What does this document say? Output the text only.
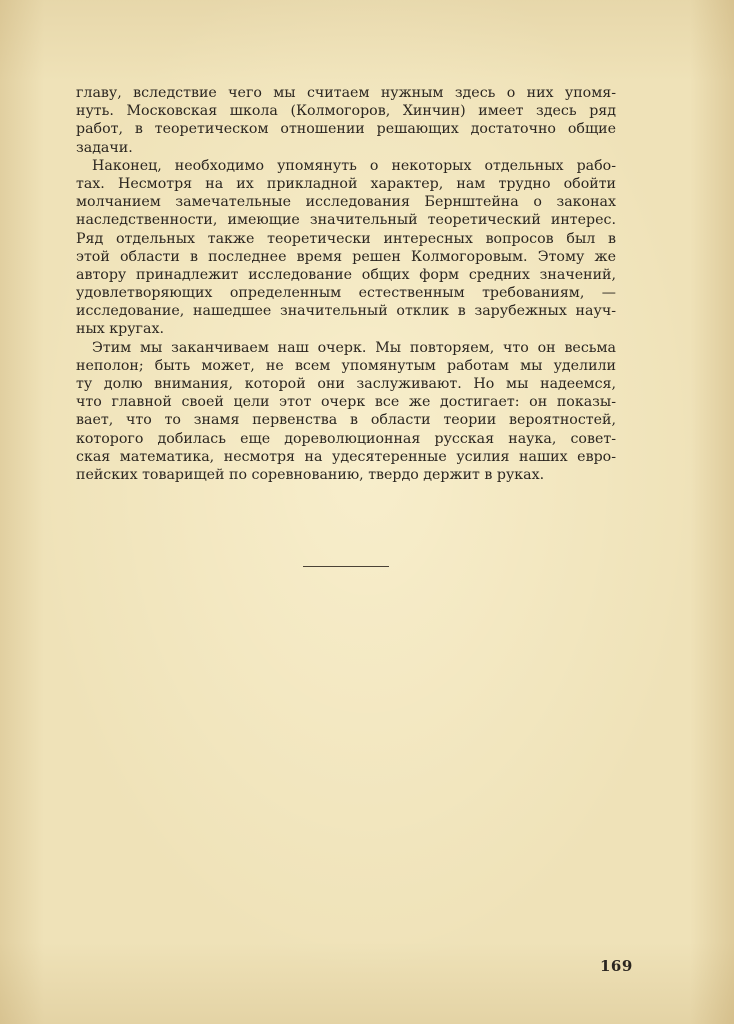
главу, вследствие чего мы считаем нужным здесь о них упомя-
нуть. Московская школа (Колмогоров, Хинчин) имеет здесь ряд
работ, в теоретическом отношении решающих достаточно общие
задачи.
Наконец, необходимо упомянуть о некоторых отдельных рабо-
тах. Несмотря на их прикладной характер, нам трудно обойти
молчанием замечательные исследования Бернштейна о законах
наследственности, имеющие значительный теоретический интерес.
Ряд отдельных также теоретически интересных вопросов был в
этой области в последнее время решен Колмогоровым. Этому же
автору принадлежит исследование общих форм средних значений,
удовлетворяющих определенным естественным требованиям, —
исследование, нашедшее значительный отклик в зарубежных науч-
ных кругах.
Этим мы заканчиваем наш очерк. Мы повторяем, что он весьма
неполон; быть может, не всем упомянутым работам мы уделили
ту долю внимания, которой они заслуживают. Но мы надеемся,
что главной своей цели этот очерк все же достигает: он показы-
вает, что то знамя первенства в области теории вероятностей,
которого добилась еще дореволюционная русская наука, совет-
ская математика, несмотря на удесятеренные усилия наших евро-
пейских товарищей по соревнованию, твердо держит в руках.
169
